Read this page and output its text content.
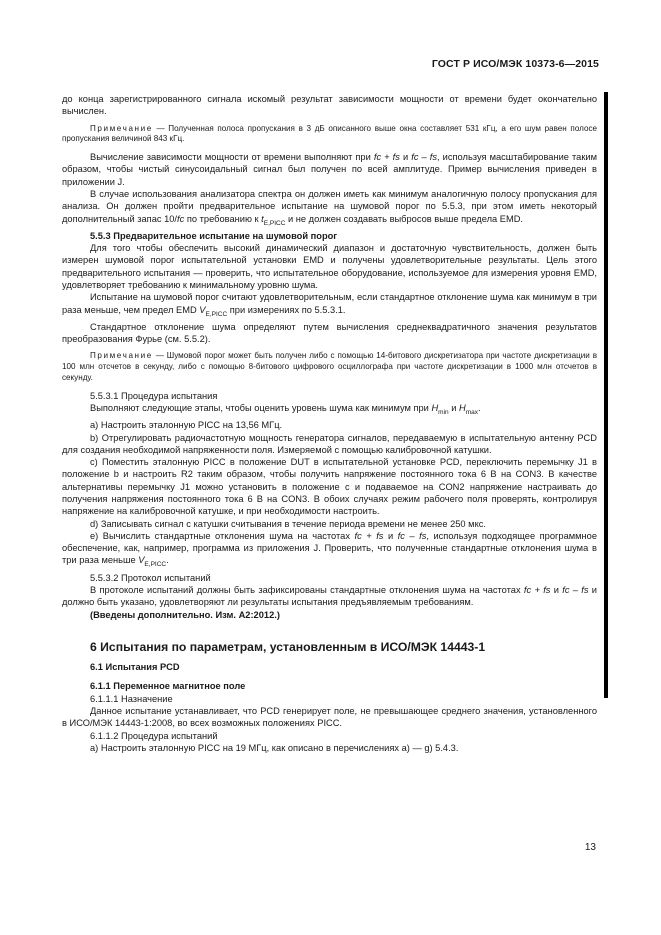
ГОСТ Р ИСО/МЭК 10373-6—2015

до конца зарегистрированного сигнала искомый результат зависимости мощности от времени будет окончательно вычислен.

Примечание — Полученная полоса пропускания в 3 дБ описанного выше окна составляет 531 кГц, а его шум равен полосе пропускания величиной 843 кГц.

Вычисление зависимости мощности от времени выполняют при fc + fs и fc – fs, используя масштабирование таким образом, чтобы чистый синусоидальный сигнал был получен по всей амплитуде. Пример вычисления приведен в приложении J.

В случае использования анализатора спектра он должен иметь как минимум аналогичную полосу пропускания для анализа. Он должен пройти предварительное испытание на шумовой порог по 5.5.3, при этом иметь некоторый дополнительный запас 10/fc по требованию к $t_{E,PICC}$ и не должен создавать выбросов выше предела EMD.

5.5.3 Предварительное испытание на шумовой порог

Для того чтобы обеспечить высокий динамический диапазон и достаточную чувствительность, должен быть измерен шумовой порог испытательной установки EMD и получены удовлетворительные результаты. Цель этого предварительного испытания — проверить, что испытательное оборудование, используемое для измерения уровня EMD, удовлетворяет требованию к минимальному уровню шума.

Испытание на шумовой порог считают удовлетворительным, если стандартное отклонение шума как минимум в три раза меньше, чем предел EMD $V_{E,PICC}$ при измерениях по 5.5.3.1.

Стандартное отклонение шума определяют путем вычисления среднеквадратичного значения результатов преобразования Фурье (см. 5.5.2).

Примечание — Шумовой порог может быть получен либо с помощью 14-битового дискретизатора при частоте дискретизации в 100 млн отсчетов в секунду, либо с помощью 8-битового цифрового осциллографа при частоте дискретизации в 1000 млн отсчетов в секунду.

5.5.3.1 Процедура испытания

Выполняют следующие этапы, чтобы оценить уровень шума как минимум при $H_{min}$ и $H_{max}$.

a) Настроить эталонную PICC на 13,56 МГц.

b) Отрегулировать радиочастотную мощность генератора сигналов, передаваемую в испытательную антенну PCD для создания необходимой напряженности поля. Измеряемой с помощью калибровочной катушки.

c) Поместить эталонную PICC в положение DUT в испытательной установке PCD, переключить перемычку J1 в положение b и настроить R2 таким образом, чтобы получить напряжение постоянного тока 6 В на CON3. В качестве альтернативы перемычку J1 можно установить в положение c и подаваемое на CON2 напряжение настраивать до получения напряжения постоянного тока 6 В на CON3. В обоих случаях режим рабочего поля проверять, контролируя напряжение на калибровочной катушке, и при необходимости настроить.

d) Записывать сигнал с катушки считывания в течение периода времени не менее 250 мкс.

e) Вычислить стандартные отклонения шума на частотах fc + fs и fc – fs, используя подходящее программное обеспечение, как, например, программа из приложения J. Проверить, что полученные стандартные отклонения шума в три раза меньше $V_{E,PICC}$.

5.5.3.2 Протокол испытаний

В протоколе испытаний должны быть зафиксированы стандартные отклонения шума на частотах fc + fs и fc – fs и должно быть указано, удовлетворяют ли результаты испытания предъявляемым требованиям.

(Введены дополнительно. Изм. А2:2012.)

6 Испытания по параметрам, установленным в ИСО/МЭК 14443-1

6.1 Испытания PCD

6.1.1 Переменное магнитное поле

6.1.1.1 Назначение

Данное испытание устанавливает, что PCD генерирует поле, не превышающее среднего значения, установленного в ИСО/МЭК 14443-1:2008, во всех возможных положениях PICC.

6.1.1.2 Процедура испытаний

a) Настроить эталонную PICC на 19 МГц, как описано в перечислениях a) — g) 5.4.3.

13
